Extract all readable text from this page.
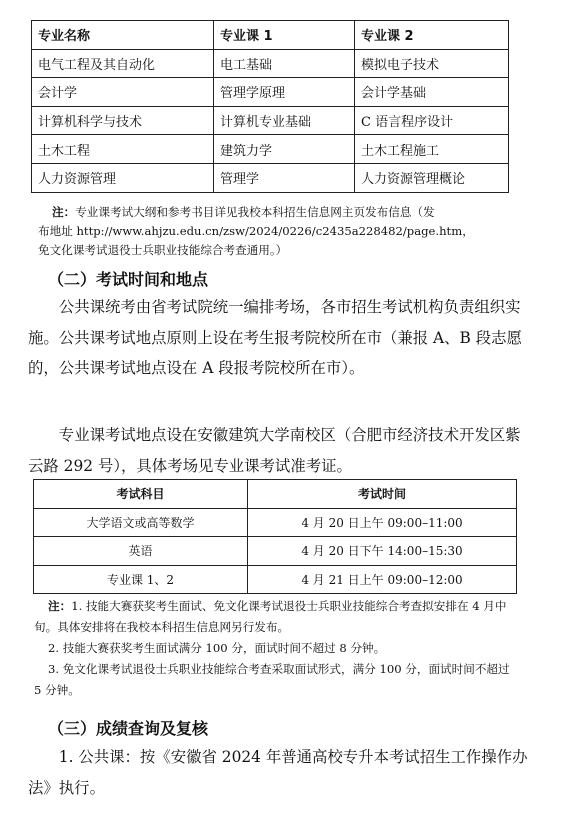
专业名称	专业课 1	专业课 2
电气工程及其自动化	电工基础	模拟电子技术
会计学	管理学原理	会计学基础
计算机科学与技术	计算机专业基础	C 语言程序设计
土木工程	建筑力学	土木工程施工
人力资源管理	管理学	人力资源管理概论
注：专业课考试大纲和参考书目详见我校本科招生信息网主页发布信息（发
布地址 http://www.ahjzu.edu.cn/zsw/2024/0226/c2435a228482/page.htm，
免文化课考试退役士兵职业技能综合考查通用。）
（二）考试时间和地点
公共课统考由省考试院统一编排考场，各市招生考试机构负责组织实施。公共课考试地点原则上设在考生报考院校所在市（兼报 A、B 段志愿的，公共课考试地点设在 A 段报考院校所在市）。
专业课考试地点设在安徽建筑大学南校区（合肥市经济技术开发区紫云路 292 号），具体考场见专业课考试准考证。
考试科目	考试时间
大学语文或高等数学	4 月 20 日上午 09:00–11:00
英语	4 月 20 日下午 14:00–15:30
专业课 1、2	4 月 21 日上午 09:00–12:00
注：1. 技能大赛获奖考生面试、免文化课考试退役士兵职业技能综合考查拟安排在 4 月中旬。具体安排将在我校本科招生信息网另行发布。
2. 技能大赛获奖考生面试满分 100 分，面试时间不超过 8 分钟。
3. 免文化课考试退役士兵职业技能综合考查采取面试形式，满分 100 分，面试时间不超过 5 分钟。
（三）成绩查询及复核
1. 公共课：按《安徽省 2024 年普通高校专升本考试招生工作操作办法》执行。
